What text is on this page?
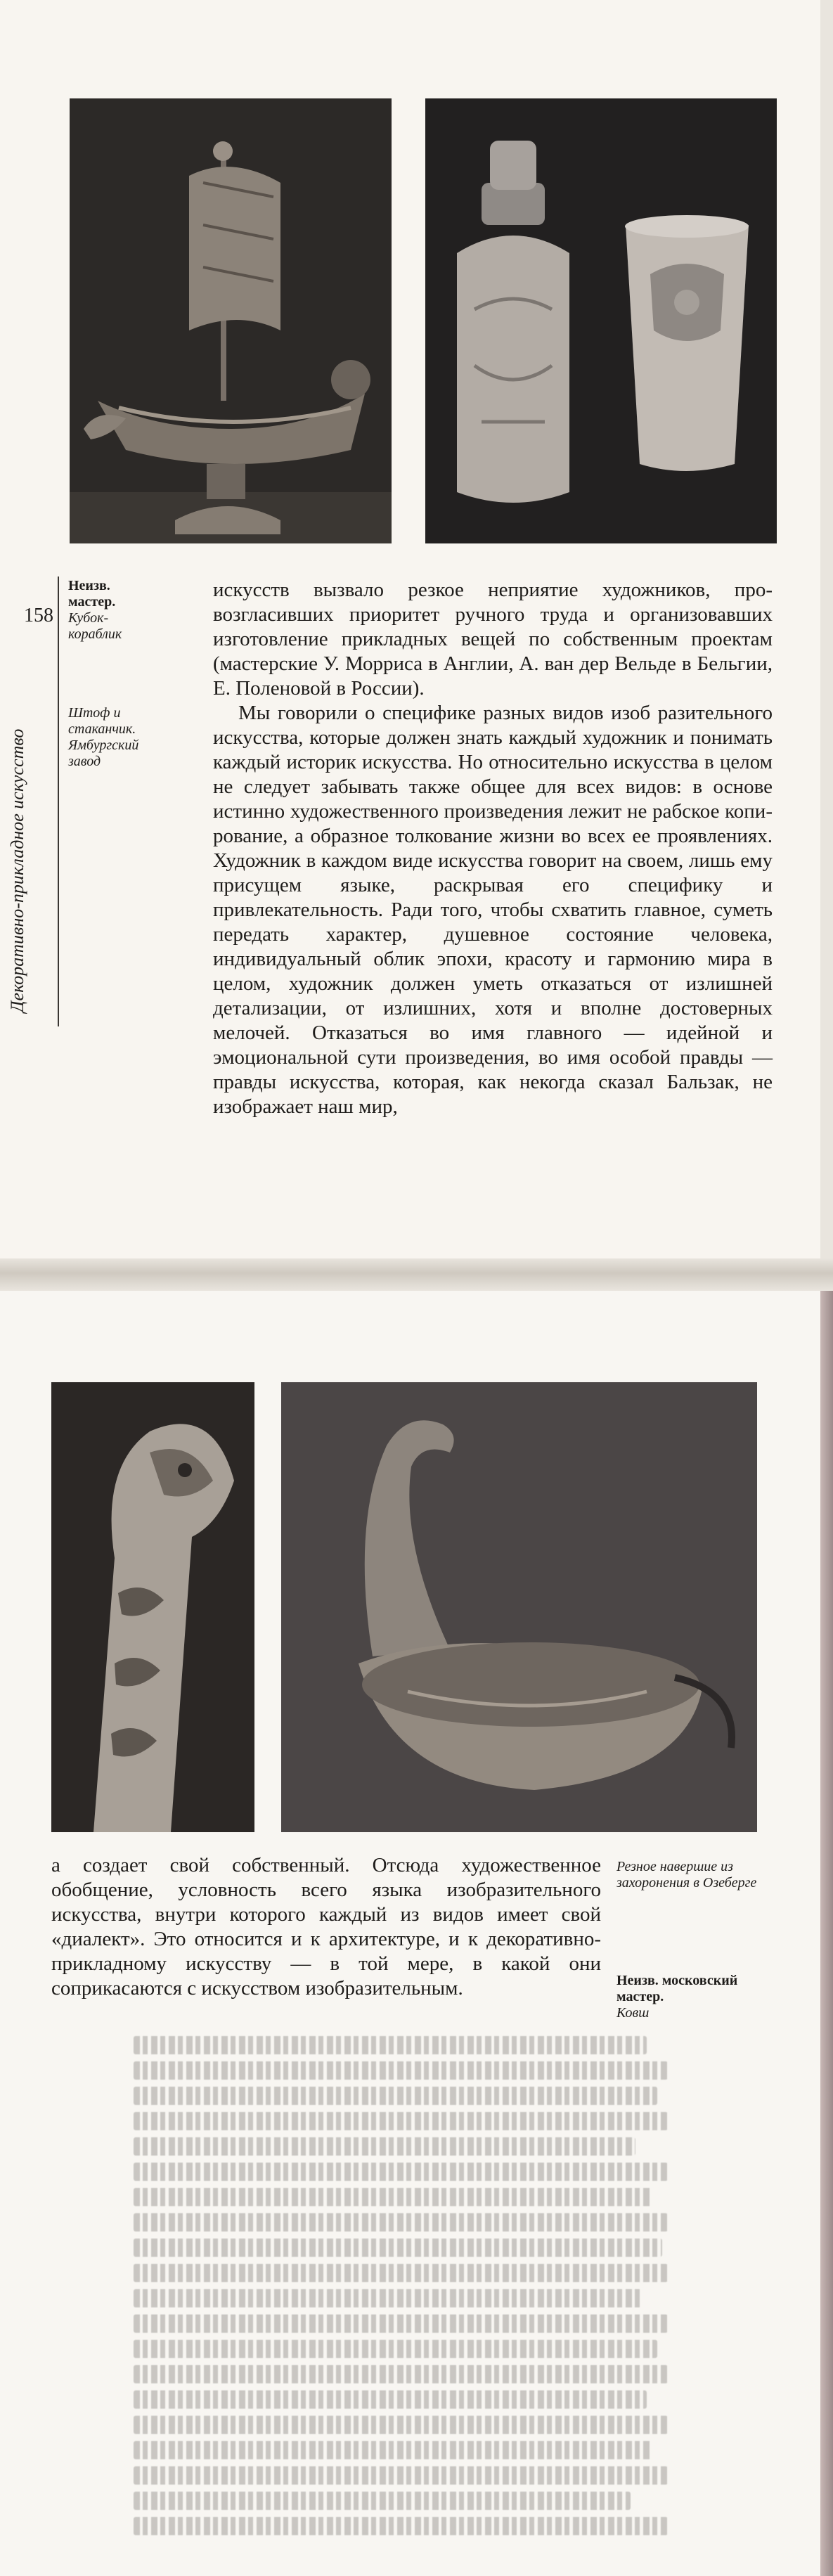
Декоративно-прикладное искусство
158
Неизв. мастер.
Кубок-кораблик
Штоф и стаканчик. Ямбургский завод

искусств вызвало резкое неприятие художников, провозгласивших приоритет ручного труда и организовавших изготовление прикладных вещей по собственным проектам (мастерские У. Морриса в Англии, А. ван дер Вельде в Бельгии, Е. Поленовой в России).

Мы говорили о специфике разных видов изоб разительного искусства, которые должен знать каждый художник и понимать каждый историк искусства. Но относительно искусства в целом не следует забывать также общее для всех видов: в основе истинно художественного произведения лежит не рабское копирование, а образное толкование жизни во всех ее проявлениях. Художник в каждом виде искусства говорит на своем, лишь ему присущем языке, раскрывая его специфику и привлекательность. Ради того, чтобы схватить главное, суметь передать характер, душевное состояние человека, индивидуальный облик эпохи, красоту и гармонию мира в целом, художник должен уметь отказаться от излишней детализации, от излишних, хотя и вполне достоверных мелочей. Отказаться во имя главного — идейной и эмоциональной сути произведения, во имя особой правды — правды искусства, которая, как некогда сказал Бальзак, не изображает наш мир,

а создает свой собственный. Отсюда художественное обобщение, условность всего языка изобразительного искусства, внутри которого каждый из видов имеет свой «диалект». Это относится и к архитектуре, и к декоративно-прикладному искусству — в той мере, в какой они соприкасаются с искусством изобразительным.

Резное навершие из захоронения в Озеберге
Неизв. московский мастер.
Ковш
